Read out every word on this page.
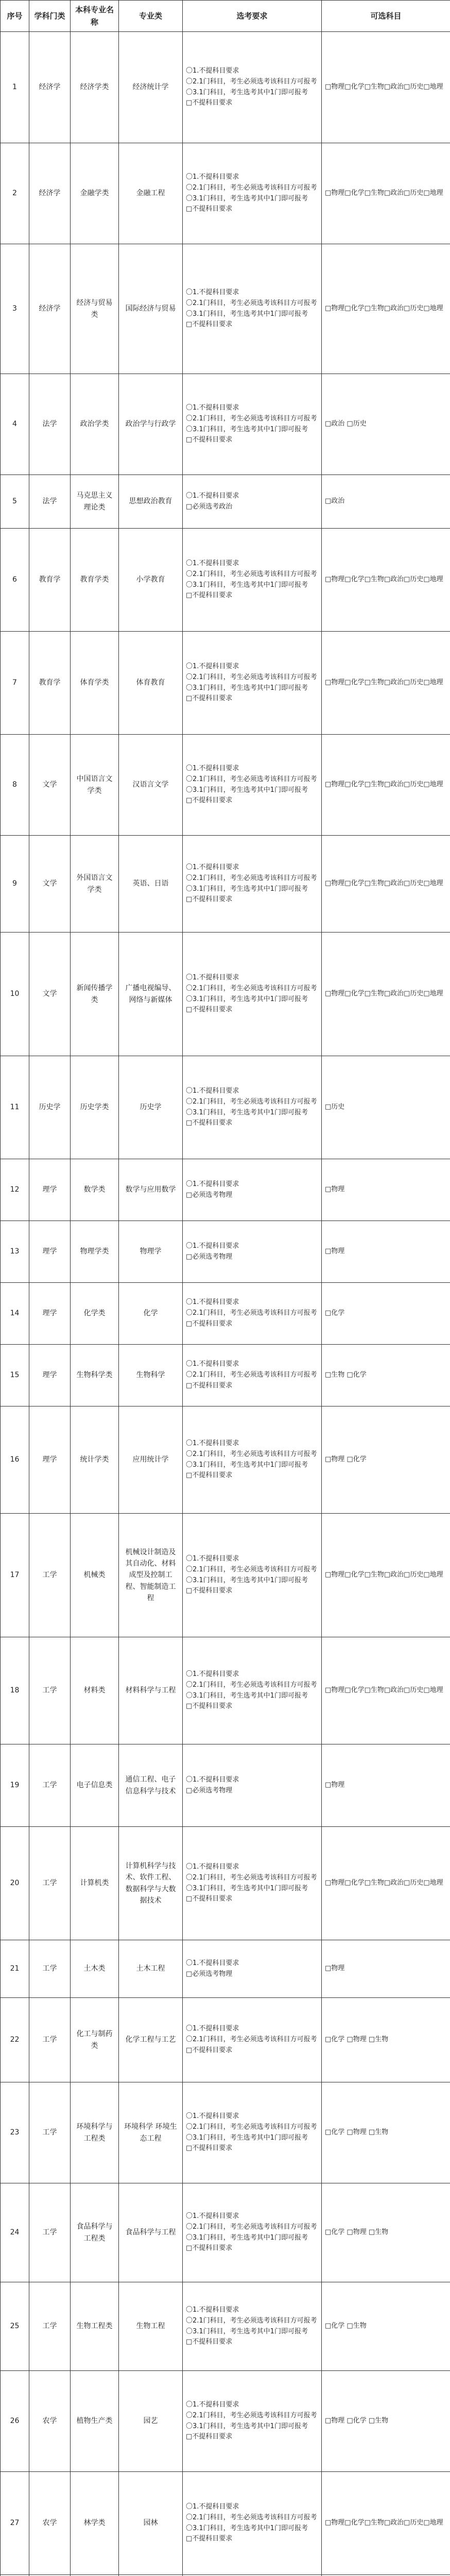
序号	学科门类	本科专业名称	专业类	选考要求	可选科目
1	经济学	经济学类	经济统计学	〇1.不提科目要求
〇2.1门科目，考生必须选考该科目方可报考
〇3.1门科目，考生选考其中1门即可报考
□不提科目要求	□物理□化学□生物□政治□历史□地理

2	经济学	金融学类	金融工程	〇1.不提科目要求
〇2.1门科目，考生必须选考该科目方可报考
〇3.1门科目，考生选考其中1门即可报考
□不提科目要求	□物理□化学□生物□政治□历史□地理

3	经济学	经济与贸易类	国际经济与贸易	〇1.不提科目要求
〇2.1门科目，考生必须选考该科目方可报考
〇3.1门科目，考生选考其中1门即可报考
□不提科目要求	□物理□化学□生物□政治□历史□地理

4	法学	政治学类	政治学与行政学	〇1.不提科目要求
〇2.1门科目，考生必须选考该科目方可报考
〇3.1门科目，考生选考其中1门即可报考
□不提科目要求	□政治 □历史

5	法学	马克思主义理论类	思想政治教育	〇1.不提科目要求
□必须选考政治	□政治

6	教育学	教育学类	小学教育	〇1.不提科目要求
〇2.1门科目，考生必须选考该科目方可报考
〇3.1门科目，考生选考其中1门即可报考
□不提科目要求	□物理□化学□生物□政治□历史□地理

7	教育学	体育学类	体育教育	〇1.不提科目要求
〇2.1门科目，考生必须选考该科目方可报考
〇3.1门科目，考生选考其中1门即可报考
□不提科目要求	□物理□化学□生物□政治□历史□地理

8	文学	中国语言文学类	汉语言文学	〇1.不提科目要求
〇2.1门科目，考生必须选考该科目方可报考
〇3.1门科目，考生选考其中1门即可报考
□不提科目要求	□物理□化学□生物□政治□历史□地理

9	文学	外国语言文学类	英语、日语	〇1.不提科目要求
〇2.1门科目，考生必须选考该科目方可报考
〇3.1门科目，考生选考其中1门即可报考
□不提科目要求	□物理□化学□生物□政治□历史□地理

10	文学	新闻传播学类	广播电视编导、网络与新媒体	〇1.不提科目要求
〇2.1门科目，考生必须选考该科目方可报考
〇3.1门科目，考生选考其中1门即可报考
□不提科目要求	□物理□化学□生物□政治□历史□地理

11	历史学	历史学类	历史学	〇1.不提科目要求
〇2.1门科目，考生必须选考该科目方可报考
〇3.1门科目，考生选考其中1门即可报考
□不提科目要求	□历史

12	理学	数学类	数学与应用数学	〇1.不提科目要求
□必须选考物理	□物理

13	理学	物理学类	物理学	〇1.不提科目要求
□必须选考物理	□物理

14	理学	化学类	化学	〇1.不提科目要求
〇2.1门科目，考生必须选考该科目方可报考
□不提科目要求	□化学

15	理学	生物科学类	生物科学	〇1.不提科目要求
〇2.1门科目，考生必须选考该科目方可报考
□不提科目要求	□生物 □化学

16	理学	统计学类	应用统计学	〇1.不提科目要求
〇2.1门科目，考生必须选考该科目方可报考
〇3.1门科目，考生选考其中1门即可报考
□不提科目要求	□物理 □化学

17	工学	机械类	机械设计制造及其自动化、材料成型及控制工程、智能制造工程	〇1.不提科目要求
〇2.1门科目，考生必须选考该科目方可报考
〇3.1门科目，考生选考其中1门即可报考
□不提科目要求	□物理□化学□生物□政治□历史□地理

18	工学	材料类	材料科学与工程	〇1.不提科目要求
〇2.1门科目，考生必须选考该科目方可报考
〇3.1门科目，考生选考其中1门即可报考
□不提科目要求	□物理□化学□生物□政治□历史□地理

19	工学	电子信息类	通信工程、电子信息科学与技术	〇1.不提科目要求
□必须选考物理	□物理

20	工学	计算机类	计算机科学与技术、软件工程、数据科学与大数据技术	〇1.不提科目要求
〇2.1门科目，考生必须选考该科目方可报考
〇3.1门科目，考生选考其中1门即可报考
□不提科目要求	□物理□化学□生物□政治□历史□地理

21	工学	土木类	土木工程	〇1.不提科目要求
□必须选考物理	□物理

22	工学	化工与制药类	化学工程与工艺	〇1.不提科目要求
〇2.1门科目，考生必须选考该科目方可报考
□不提科目要求	□化学 □物理 □生物

23	工学	环境科学与工程类	环境科学 环境生态工程	〇1.不提科目要求
〇2.1门科目，考生必须选考该科目方可报考
〇3.1门科目，考生选考其中1门即可报考
□不提科目要求	□化学 □物理 □生物

24	工学	食品科学与工程类	食品科学与工程	〇1.不提科目要求
〇2.1门科目，考生必须选考该科目方可报考
〇3.1门科目，考生选考其中1门即可报考
□不提科目要求	□化学 □物理 □生物

25	工学	生物工程类	生物工程	〇1.不提科目要求
〇2.1门科目，考生必须选考该科目方可报考
〇3.1门科目，考生选考其中1门即可报考
□不提科目要求	□化学 □生物

26	农学	植物生产类	园艺	〇1.不提科目要求
〇2.1门科目，考生必须选考该科目方可报考
〇3.1门科目，考生选考其中1门即可报考
□不提科目要求	□物理 □化学 □生物

27	农学	林学类	园林	〇1.不提科目要求
〇2.1门科目，考生必须选考该科目方可报考
〇3.1门科目，考生选考其中1门即可报考
□不提科目要求	□物理□化学□生物□政治□历史□地理
